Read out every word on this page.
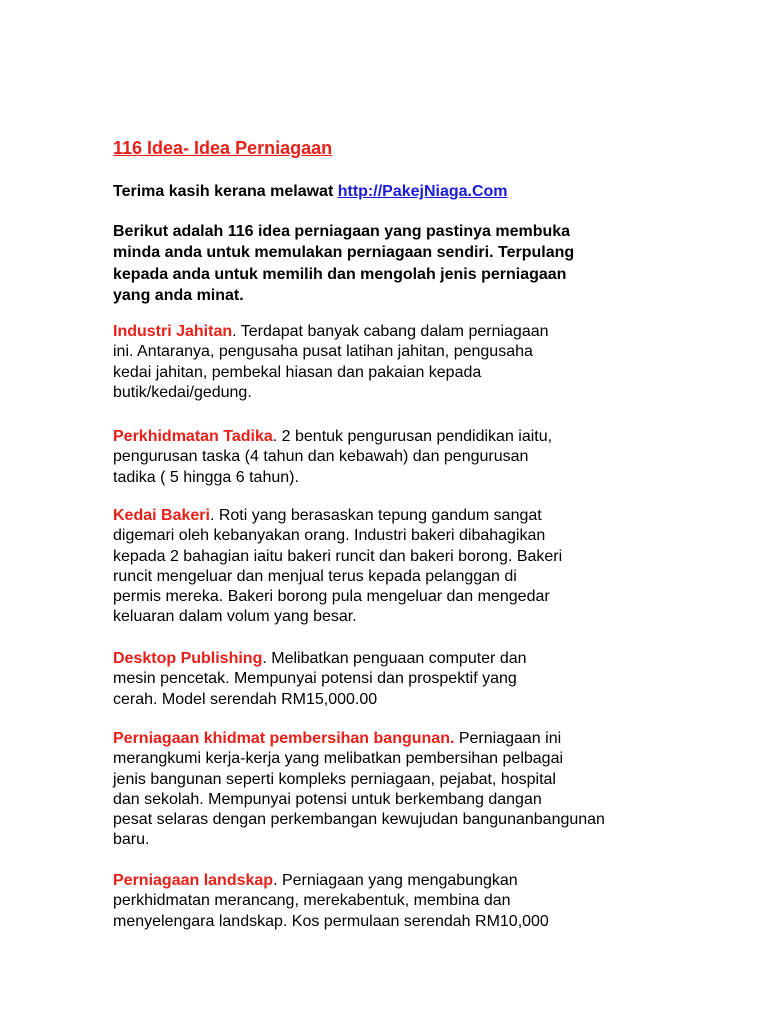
116 Idea- Idea Perniagaan

Terima kasih kerana melawat http://PakejNiaga.Com

Berikut adalah 116 idea perniagaan yang pastinya membuka
minda anda untuk memulakan perniagaan sendiri. Terpulang
kepada anda untuk memilih dan mengolah jenis perniagaan
yang anda minat.

Industri Jahitan. Terdapat banyak cabang dalam perniagaan
ini. Antaranya, pengusaha pusat latihan jahitan, pengusaha
kedai jahitan, pembekal hiasan dan pakaian kepada
butik/kedai/gedung.

Perkhidmatan Tadika. 2 bentuk pengurusan pendidikan iaitu,
pengurusan taska (4 tahun dan kebawah) dan pengurusan
tadika ( 5 hingga 6 tahun).

Kedai Bakeri. Roti yang berasaskan tepung gandum sangat
digemari oleh kebanyakan orang. Industri bakeri dibahagikan
kepada 2 bahagian iaitu bakeri runcit dan bakeri borong. Bakeri
runcit mengeluar dan menjual terus kepada pelanggan di
permis mereka. Bakeri borong pula mengeluar dan mengedar
keluaran dalam volum yang besar.

Desktop Publishing. Melibatkan penguaan computer dan
mesin pencetak. Mempunyai potensi dan prospektif yang
cerah. Model serendah RM15,000.00

Perniagaan khidmat pembersihan bangunan. Perniagaan ini
merangkumi kerja-kerja yang melibatkan pembersihan pelbagai
jenis bangunan seperti kompleks perniagaan, pejabat, hospital
dan sekolah. Mempunyai potensi untuk berkembang dangan
pesat selaras dengan perkembangan kewujudan bangunanbangunan
baru.

Perniagaan landskap. Perniagaan yang mengabungkan
perkhidmatan merancang, merekabentuk, membina dan
menyelengara landskap. Kos permulaan serendah RM10,000
